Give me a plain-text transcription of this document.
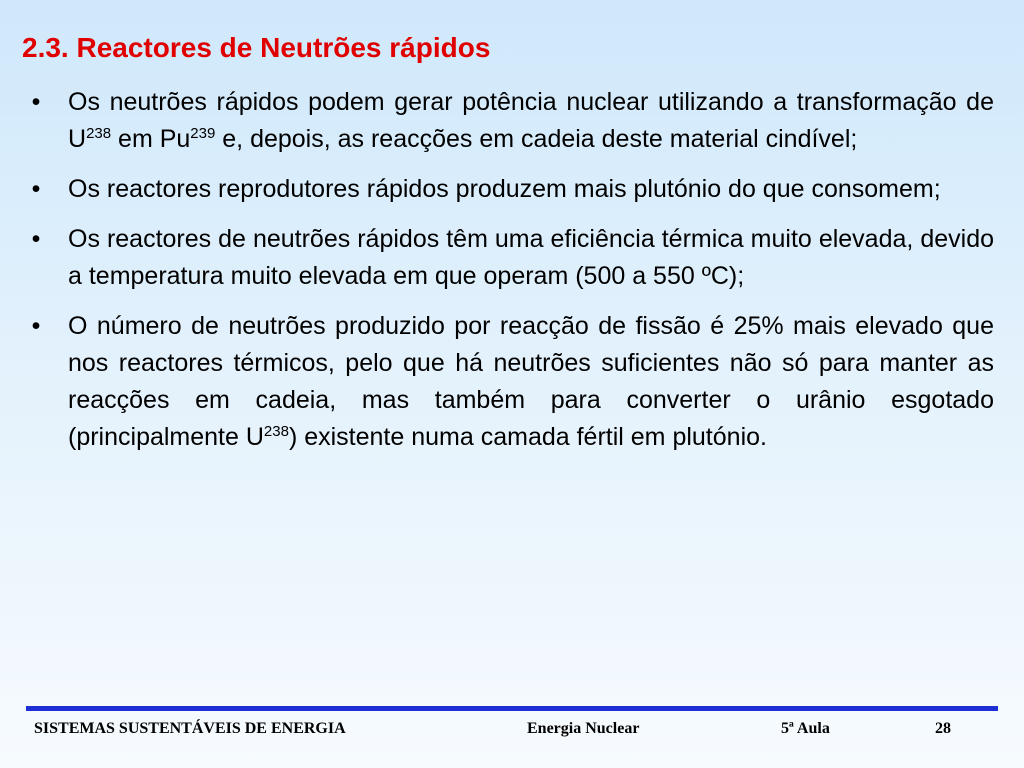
2.3. Reactores de Neutrões rápidos
• Os neutrões rápidos podem gerar potência nuclear utilizando a transformação de $U^{238}$ em Pu$^{239}$ e, depois, as reacções em cadeia deste material cindível;
• Os reactores reprodutores rápidos produzem mais plutónio do que consomem;
• Os reactores de neutrões rápidos têm uma eficiência térmica muito elevada, devido a temperatura muito elevada em que operam (500 a 550 ºC);
• O número de neutrões produzido por reacção de fissão é 25% mais elevado que nos reactores térmicos, pelo que há neutrões suficientes não só para manter as reacções em cadeia, mas também para converter o urânio esgotado (principalmente $U^{238}$) existente numa camada fértil em plutónio.
SISTEMAS SUSTENTÁVEIS DE ENERGIA	Energia Nuclear	5ª Aula	28
